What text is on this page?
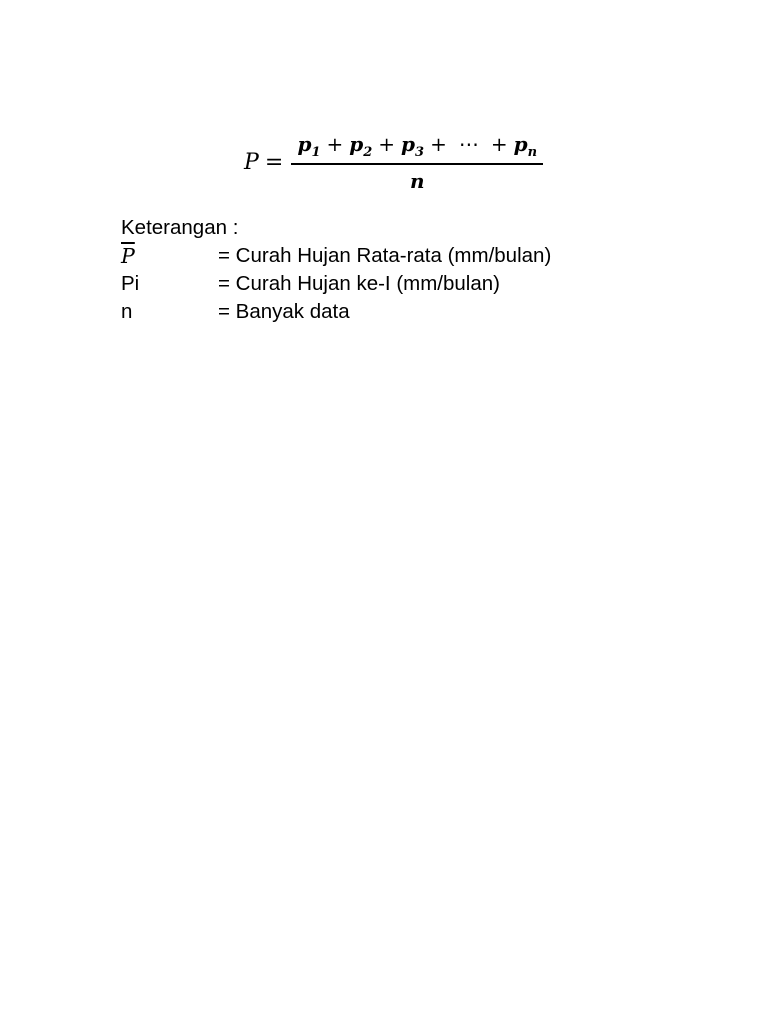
P =
$p_1 + p_2 + p_3$ + ⋯ + $p_n$
n
Keterangan :
$\overline{P}$	= Curah Hujan Rata-rata (mm/bulan)
Pi	= Curah Hujan ke-I (mm/bulan)
n	= Banyak data
